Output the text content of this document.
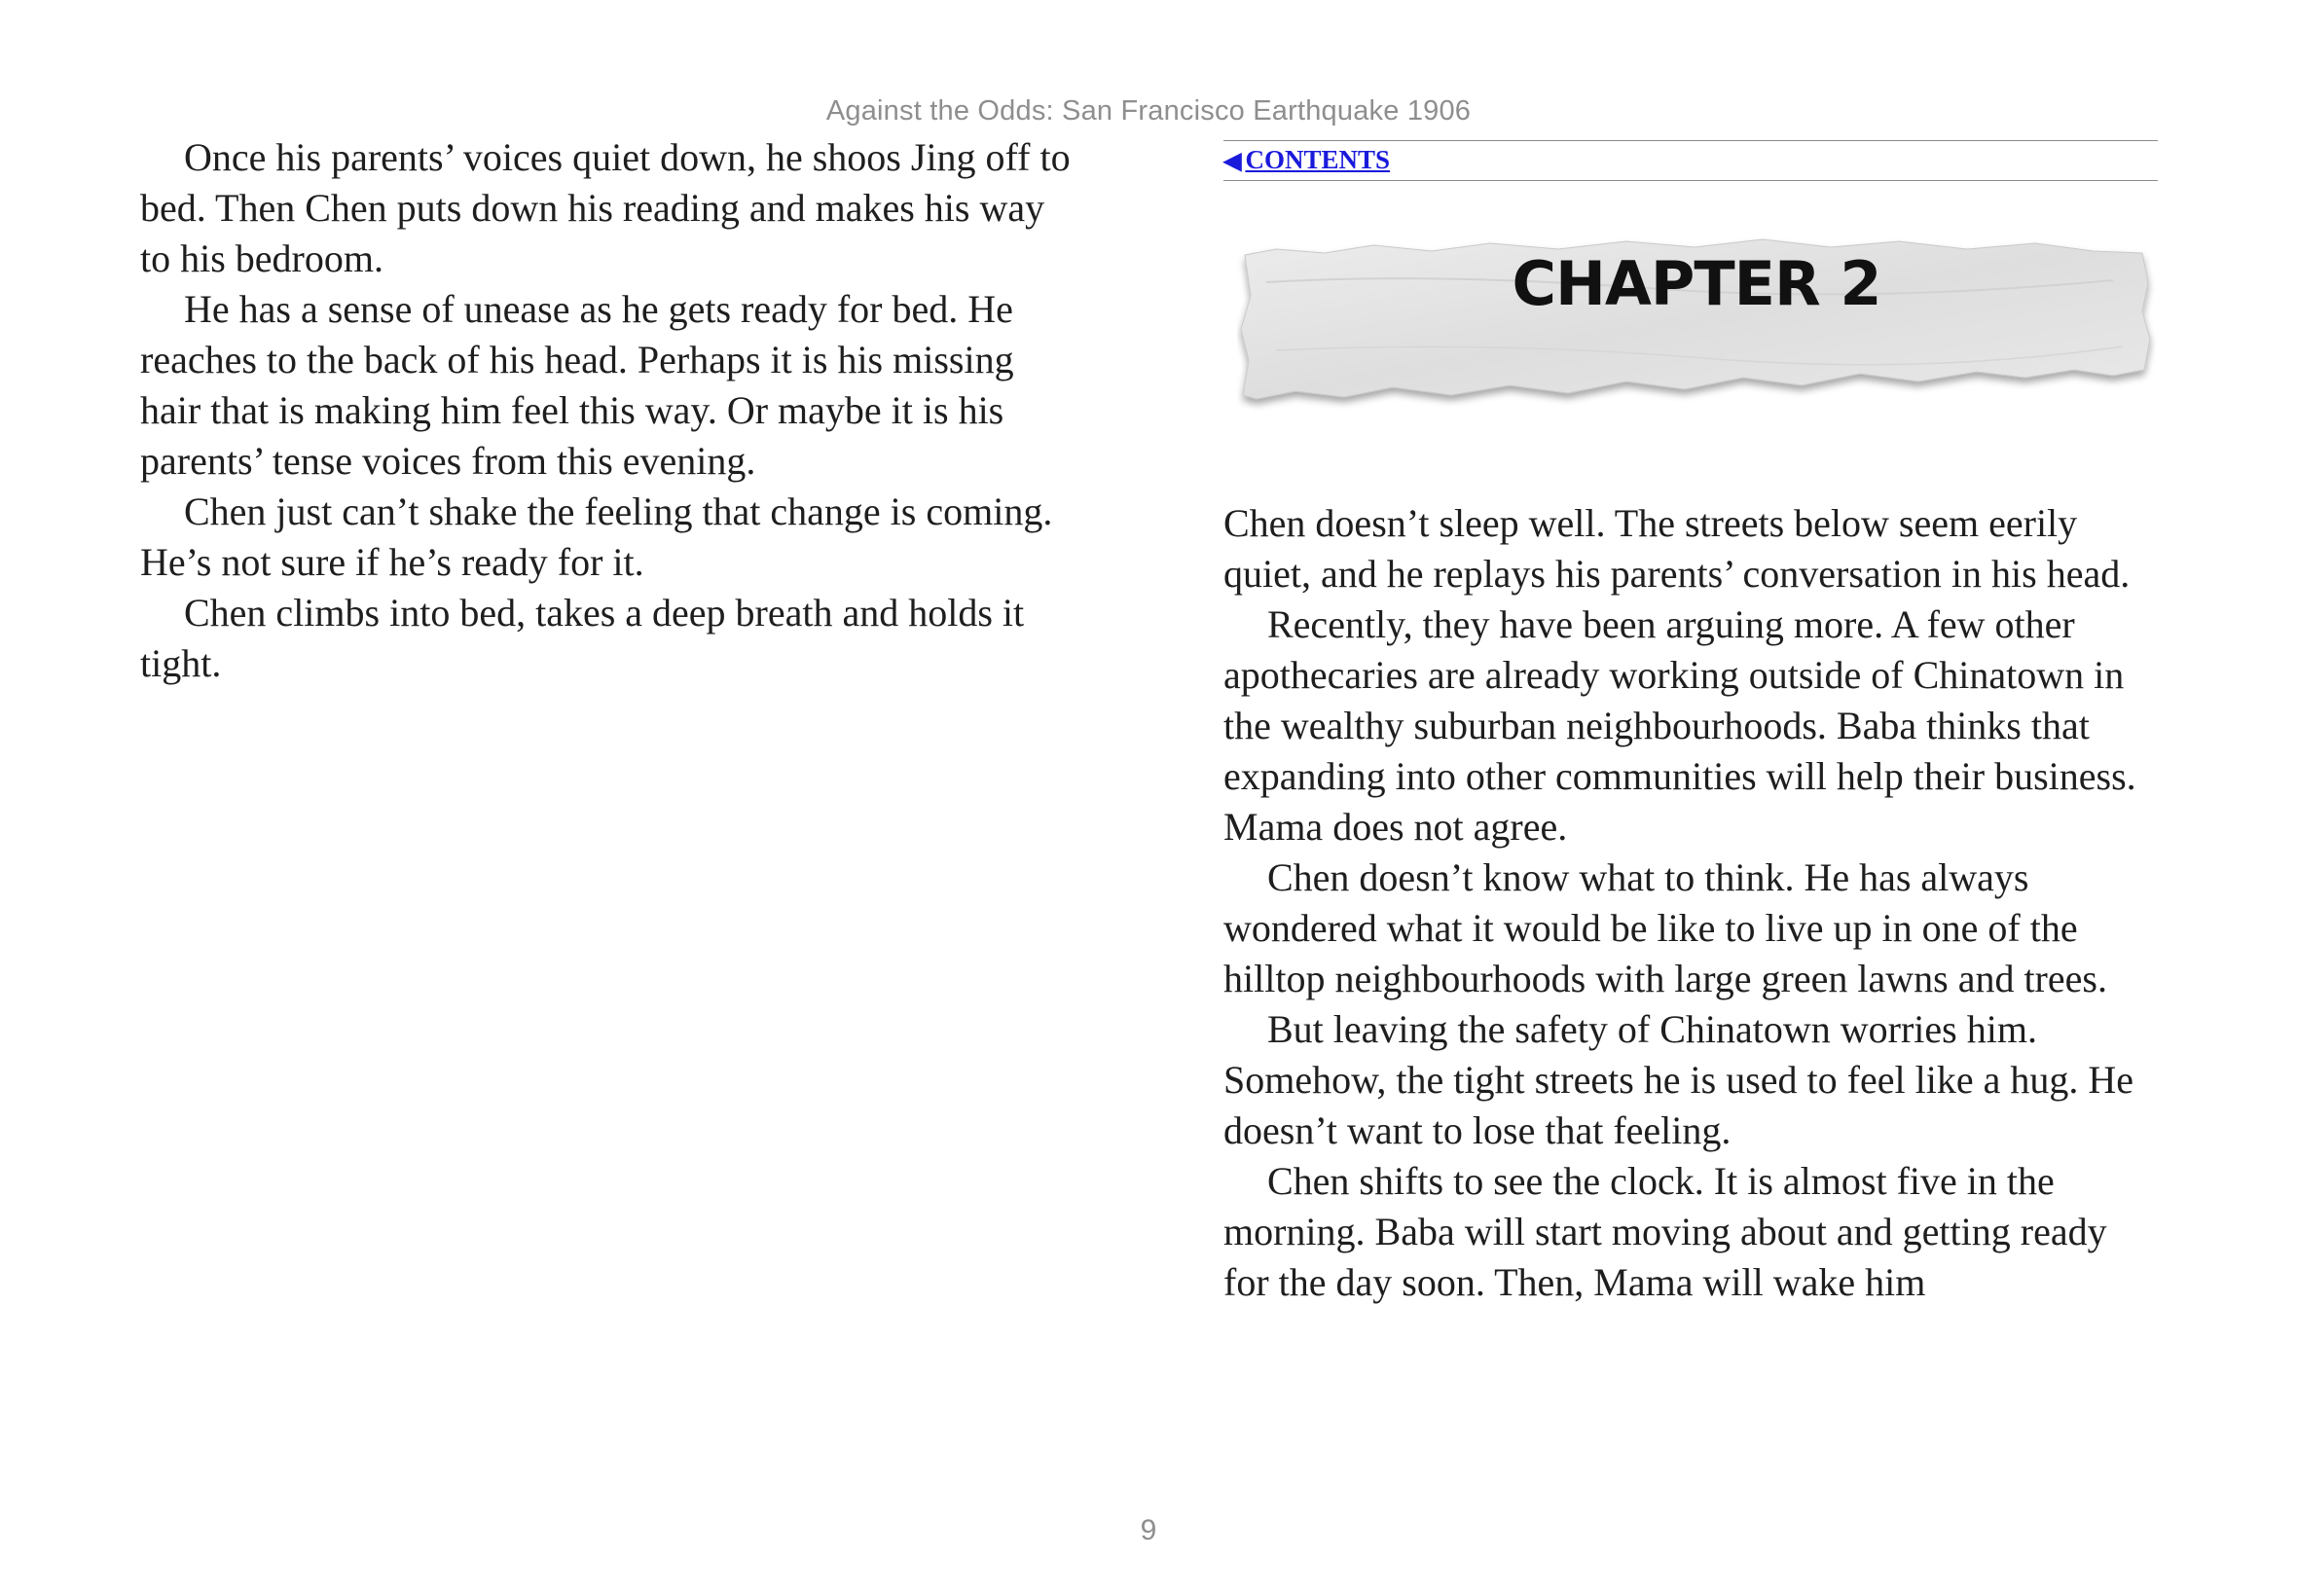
Against the Odds: San Francisco Earthquake 1906

Once his parents’ voices quiet down, he shoos Jing off to bed. Then Chen puts down his reading and makes his way to his bedroom.

He has a sense of unease as he gets ready for bed. He reaches to the back of his head. Perhaps it is his missing hair that is making him feel this way. Or maybe it is his parents’ tense voices from this evening.

Chen just can’t shake the feeling that change is coming. He’s not sure if he’s ready for it.

Chen climbs into bed, takes a deep breath and holds it tight.

◀ CONTENTS
CHAPTER 2

Chen doesn’t sleep well. The streets below seem eerily quiet, and he replays his parents’ conversation in his head.

Recently, they have been arguing more. A few other apothecaries are already working outside of Chinatown in the wealthy suburban neighbourhoods. Baba thinks that expanding into other communities will help their business. Mama does not agree.

Chen doesn’t know what to think. He has always wondered what it would be like to live up in one of the hilltop neighbourhoods with large green lawns and trees.

But leaving the safety of Chinatown worries him. Somehow, the tight streets he is used to feel like a hug. He doesn’t want to lose that feeling.

Chen shifts to see the clock. It is almost five in the morning. Baba will start moving about and getting ready for the day soon. Then, Mama will wake him

9
